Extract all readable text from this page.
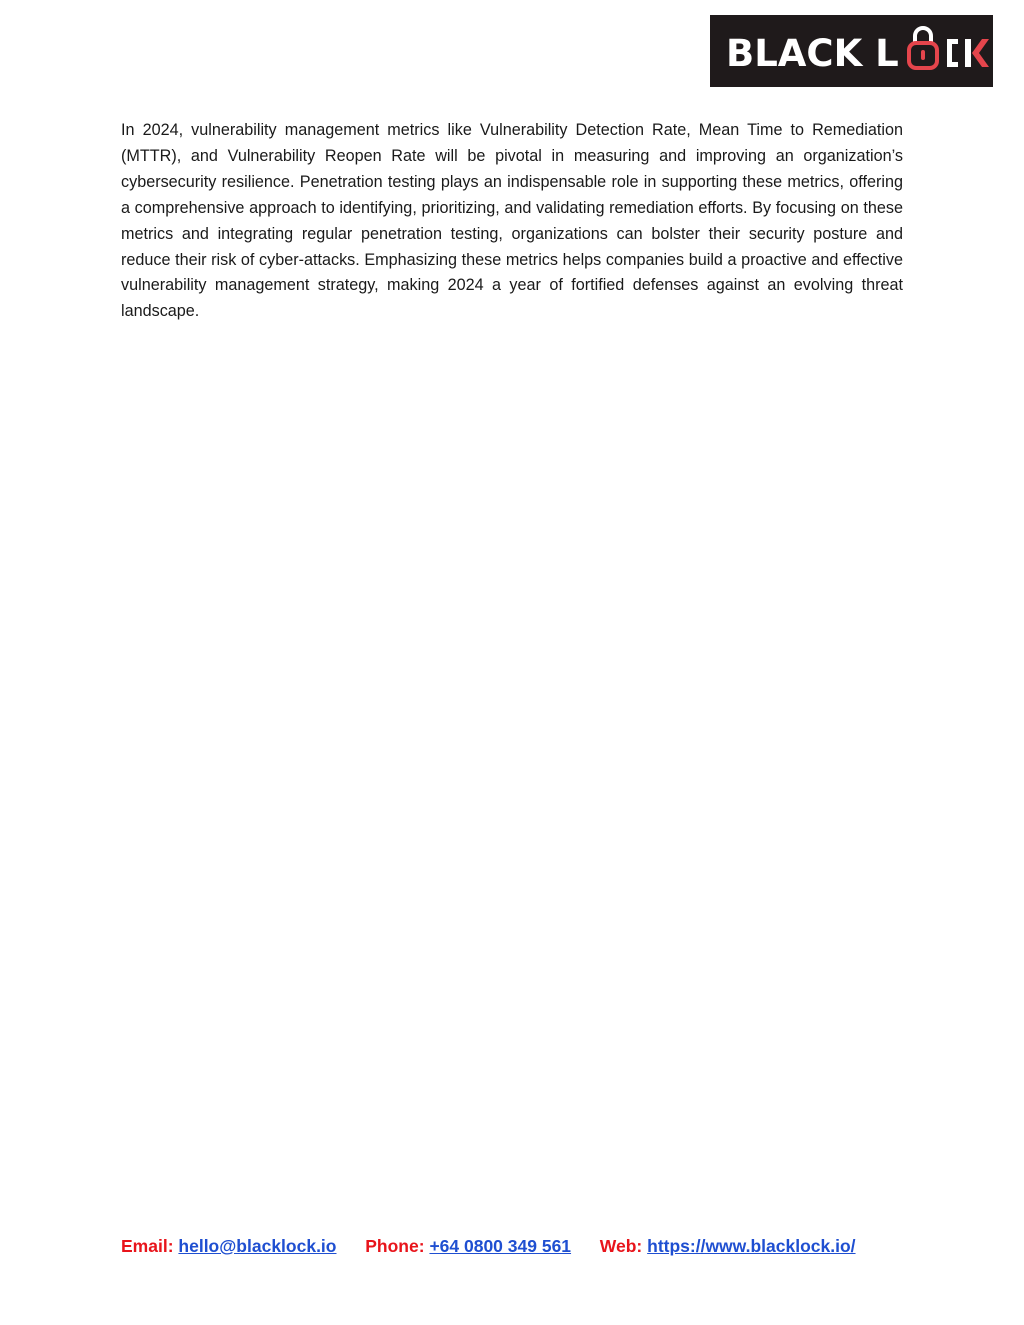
BLACK L

In 2024, vulnerability management metrics like Vulnerability Detection Rate, Mean Time to Remediation (MTTR), and Vulnerability Reopen Rate will be pivotal in measuring and improving an organization’s cybersecurity resilience. Penetration testing plays an indispensable role in supporting these metrics, offering a comprehensive approach to identifying, prioritizing, and validating remediation efforts. By focusing on these metrics and integrating regular penetration testing, organizations can bolster their security posture and reduce their risk of cyber-attacks. Emphasizing these metrics helps companies build a proactive and effective vulnerability management strategy, making 2024 a year of fortified defenses against an evolving threat landscape.

Email: hello@blacklock.io Phone: +64 0800 349 561 Web: https://www.blacklock.io/
